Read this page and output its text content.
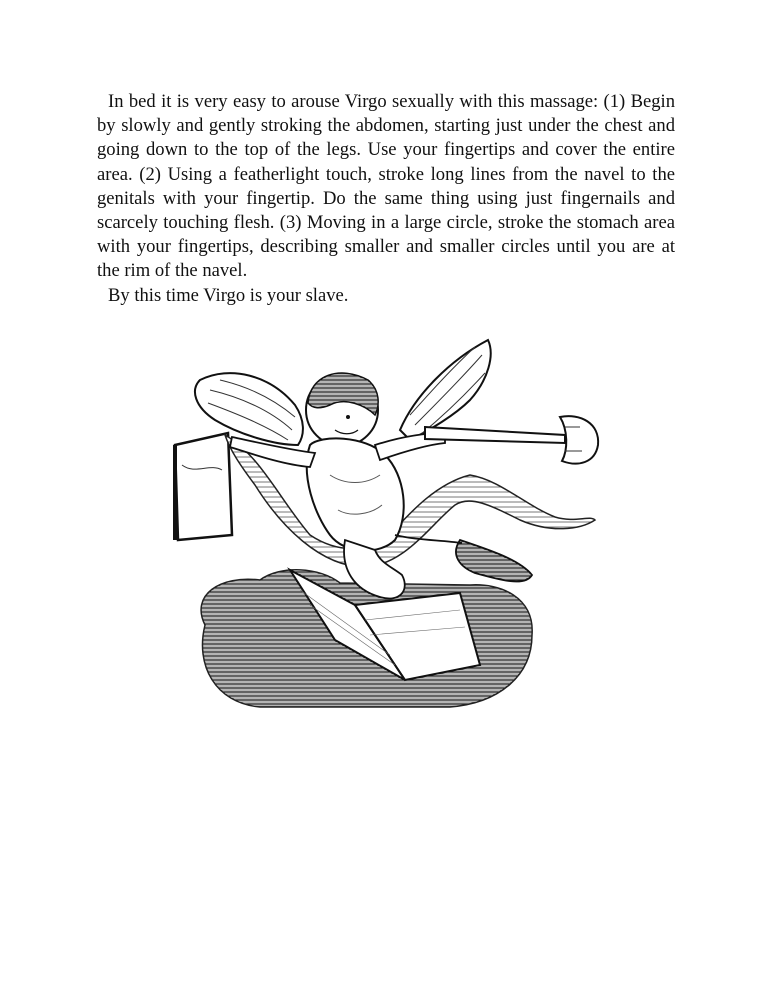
In bed it is very easy to arouse Virgo sexually with this massage: (1) Begin by slowly and gently stroking the abdomen, starting just under the chest and going down to the top of the legs. Use your fingertips and cover the entire area. (2) Using a featherlight touch, stroke long lines from the navel to the genitals with your fingertip. Do the same thing using just fingernails and scarcely touching flesh. (3) Moving in a large circle, stroke the stomach area with your fingertips, describing smaller and smaller circles until you are at the rim of the navel.

By this time Virgo is your slave.
